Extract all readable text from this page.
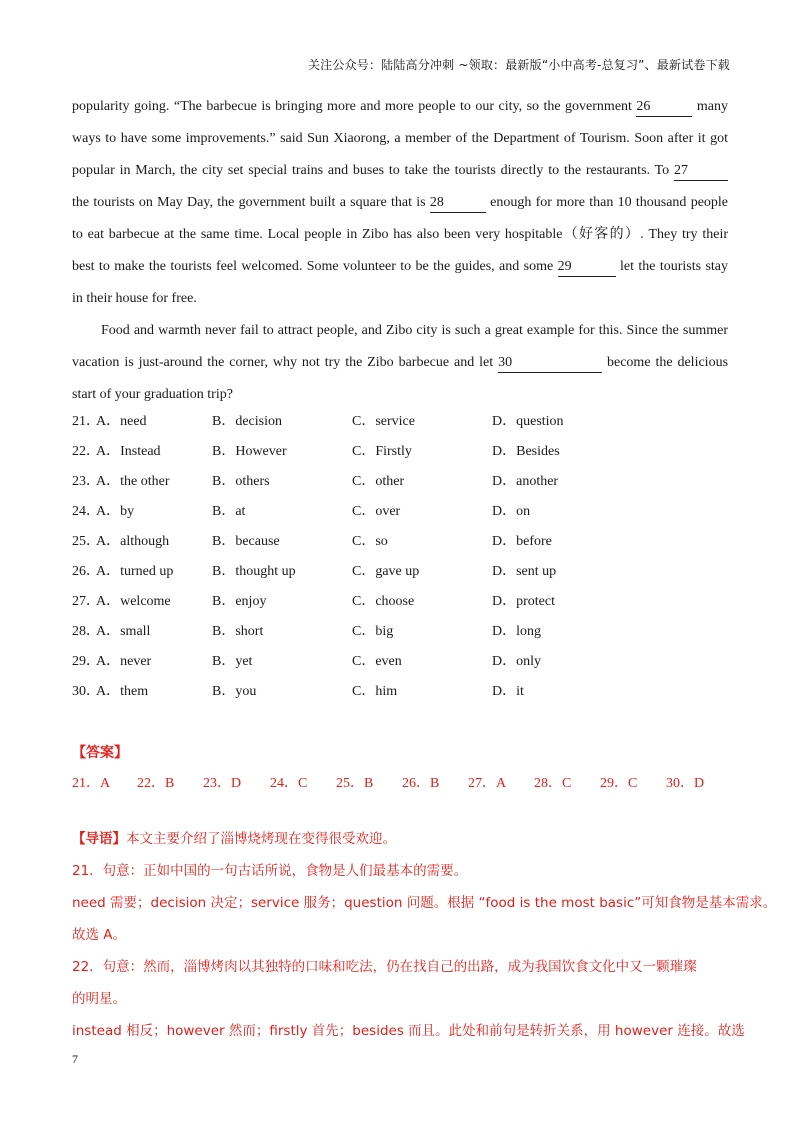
关注公众号：陆陆高分冲刺 ~领取：最新版“小中高考-总复习”、最新试卷下载
popularity going. “The barbecue is bringing more and more people to our city, so the government 26	many
ways to have some improvements.” said Sun Xiaorong, a member of the Department of Tourism. Soon after it got
popular in March, the city set special trains and buses to take the tourists directly to the restaurants. To 27
the tourists on May Day, the government built a square that is 28	enough for more than 10 thousand people
to eat barbecue at the same time. Local people in Zibo has also been very hospitable（好客的）. They try their
best to make the tourists feel welcomed. Some volunteer to be the guides, and some 29	let the tourists stay
in their house for free.
Food and warmth never fail to attract people, and Zibo city is such a great example for this. Since the summer
vacation is just-around the corner, why not try the Zibo barbecue and let 30	become the delicious
start of your graduation trip?
21．
A．need	B．decision	C．service	D．question
22．
A．Instead	B．However	C．Firstly	D．Besides
23．
A．the other	B．others	C．other	D．another
24．
A．by	B．at	C．over	D．on
25．
A．although	B．because	C．so	D．before
26．
A．turned up	B．thought up	C．gave up	D．sent up
27．
A．welcome	B．enjoy	C．choose	D．protect
28．
A．small	B．short	C．big	D．long
29．
A．never	B．yet	C．even	D．only
30．
A．them	B．you	C．him	D．it
【答案】
21．A 22．B 23．D 24．C 25．B 26．B 27．A 28．C 29．C 30．D
【导语】本文主要介绍了淄博烧烤现在变得很受欢迎。
21．句意：正如中国的一句古话所说，食物是人们最基本的需要。
need 需要；decision 决定；service 服务；question 问题。根据 “food is the most basic”可知食物是基本需求。
故选 A。
22．句意：然而，淄博烤肉以其独特的口味和吃法，仍在找自己的出路，成为我国饮食文化中又一颗璀璨
的明星。
instead 相反；however 然而；firstly 首先；besides 而且。此处和前句是转折关系，用 however 连接。故选
7
